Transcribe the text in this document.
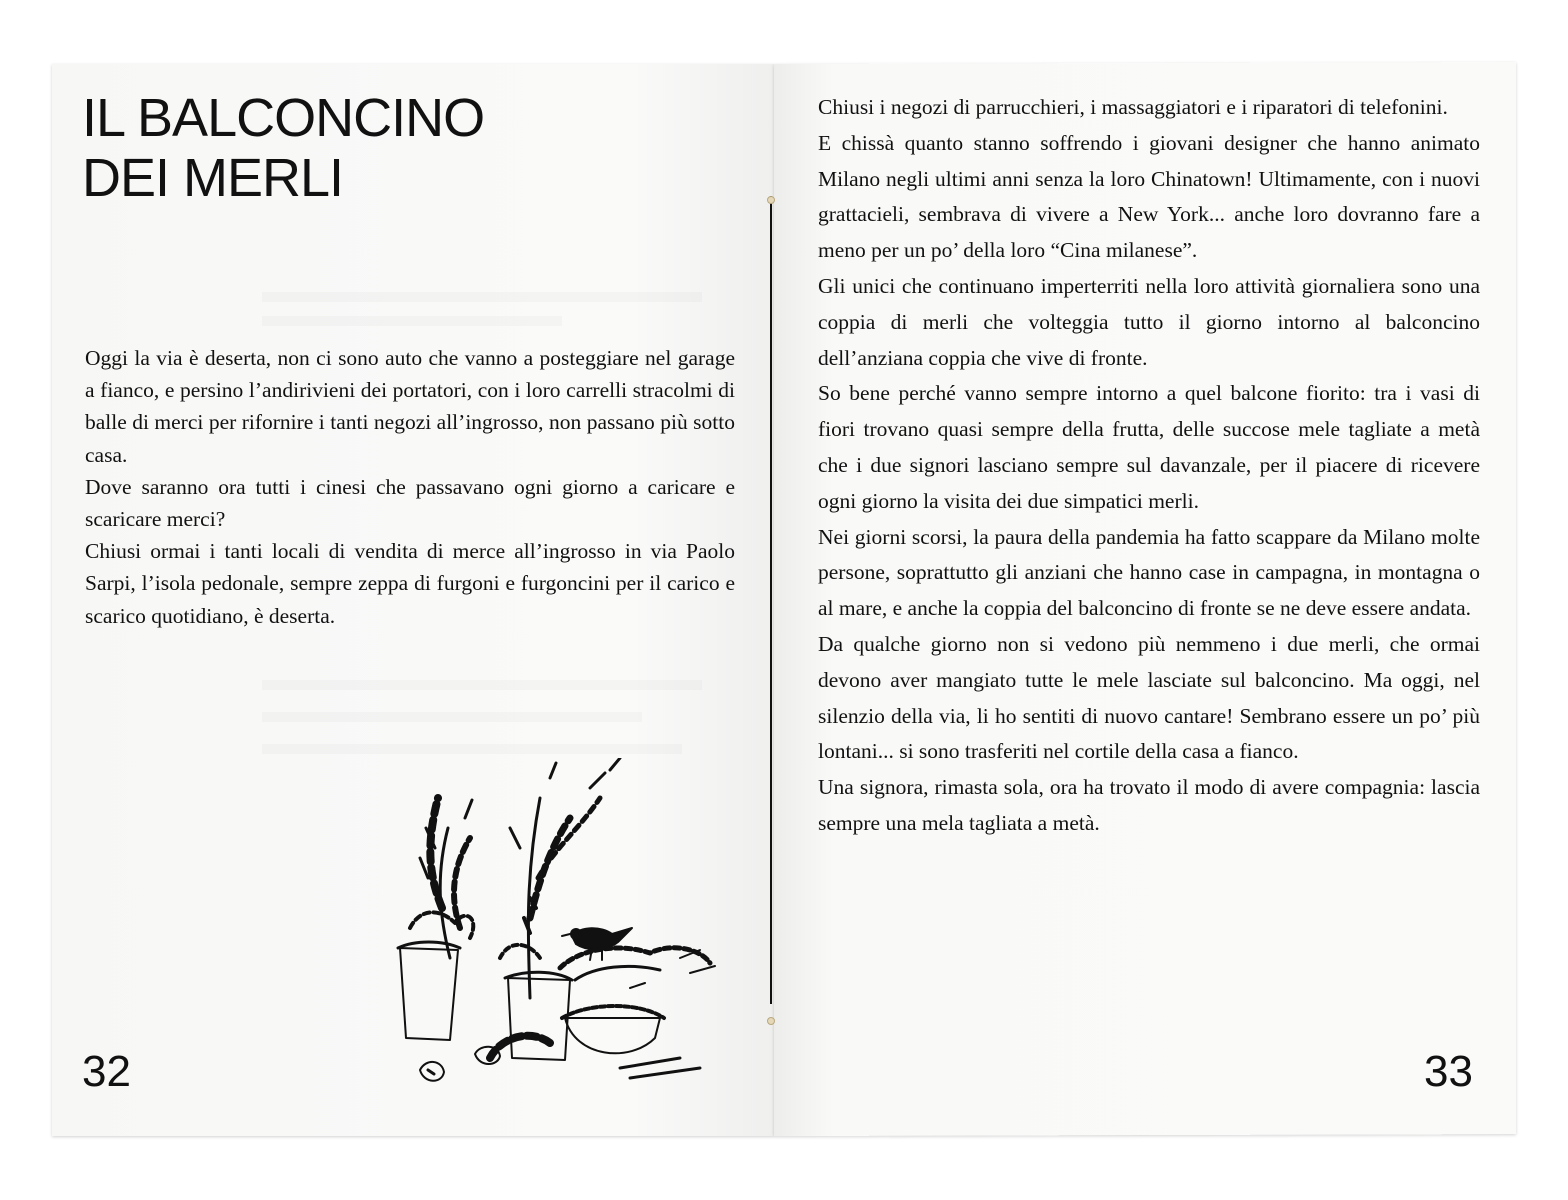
IL BALCONCINO
DEI MERLI

Oggi la via è deserta, non ci sono auto che vanno a posteggiare nel garage a fianco, e persino l’andirivieni dei portatori, con i loro carrelli stracolmi di balle di merci per rifornire i tanti negozi all’ingrosso, non passano più sotto casa.

Dove saranno ora tutti i cinesi che passavano ogni giorno a caricare e scaricare merci?

Chiusi ormai i tanti locali di vendita di merce all’ingrosso in via Paolo Sarpi, l’isola pedonale, sempre zeppa di furgoni e furgoncini per il carico e scarico quotidiano, è deserta.

Chiusi i negozi di parrucchieri, i massaggiatori e i riparatori di telefonini.

E chissà quanto stanno soffrendo i giovani designer che hanno animato Milano negli ultimi anni senza la loro Chinatown! Ultimamente, con i nuovi grattacieli, sembrava di vivere a New York... anche loro dovranno fare a meno per un po’ della loro “Cina milanese”.

Gli unici che continuano imperterriti nella loro attività giornaliera sono una coppia di merli che volteggia tutto il giorno intorno al balconcino dell’anziana coppia che vive di fronte.

So bene perché vanno sempre intorno a quel balcone fiorito: tra i vasi di fiori trovano quasi sempre della frutta, delle succose mele tagliate a metà che i due signori lasciano sempre sul davanzale, per il piacere di ricevere ogni giorno la visita dei due simpatici merli.

Nei giorni scorsi, la paura della pandemia ha fatto scappare da Milano molte persone, soprattutto gli anziani che hanno case in campagna, in montagna o al mare, e anche la coppia del balconcino di fronte se ne deve essere andata.

Da qualche giorno non si vedono più nemmeno i due merli, che ormai devono aver mangiato tutte le mele lasciate sul balconcino. Ma oggi, nel silenzio della via, li ho sentiti di nuovo cantare! Sembrano essere un po’ più lontani... si sono trasferiti nel cortile della casa a fianco.

Una signora, rimasta sola, ora ha trovato il modo di avere compagnia: lascia sempre una mela tagliata a metà.

32	33
